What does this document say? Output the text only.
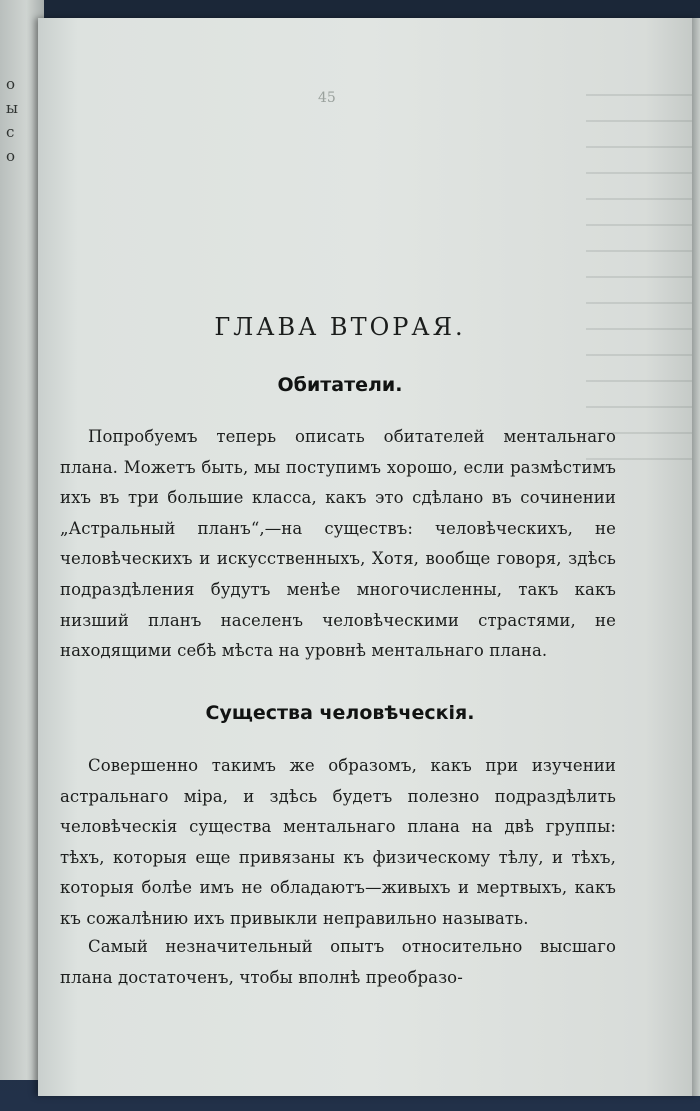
о
ы
с
о
45
ГЛАВА ВТОРАЯ.
Обитатели.
Попробуемъ теперь описать обитателей ментальнаго плана. Можетъ быть, мы поступимъ хорошо, если размѣстимъ ихъ въ три большие класса, какъ это сдѣлано въ сочинении „Астральный планъ“,—на существъ: человѣческихъ, не человѣческихъ и искусственныхъ, Хотя, вообще говоря, здѣсь подраздѣления будутъ менѣе многочисленны, такъ какъ низший планъ населенъ человѣческими страстями, не находящими себѣ мѣста на уровнѣ ментальнаго плана.
Существа человѣческiя.
Совершенно такимъ же образомъ, какъ при изучении астральнаго мiра, и здѣсь будетъ полезно подраздѣлить человѣческiя существа ментальнаго плана на двѣ группы: тѣхъ, которыя еще привязаны къ физическому тѣлу, и тѣхъ, которыя болѣе имъ не обладаютъ—живыхъ и мертвыхъ, какъ къ сожалѣнию ихъ привыкли неправильно называть.
Самый незначительный опытъ относительно высшаго плана достаточенъ, чтобы вполнѣ преобразо-
